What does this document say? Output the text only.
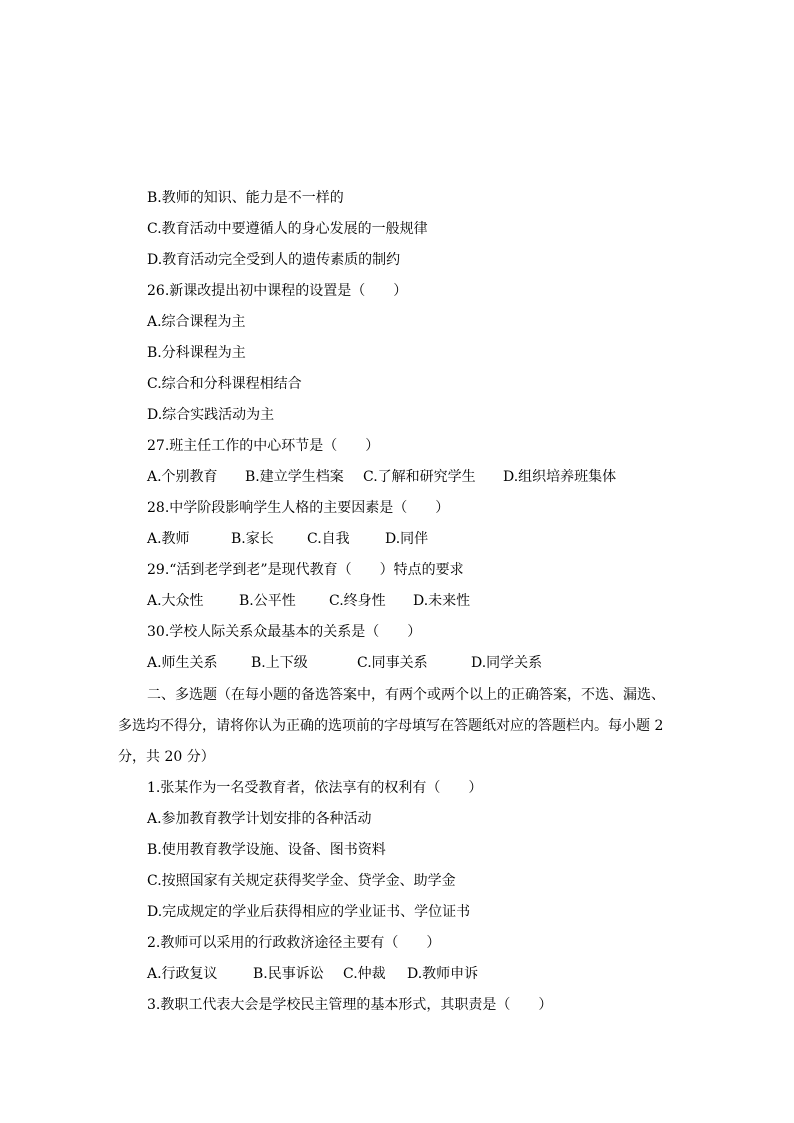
B.教师的知识、能力是不一样的
C.教育活动中要遵循人的身心发展的一般规律
D.教育活动完全受到人的遗传素质的制约
26.新课改提出初中课程的设置是（　　）
A.综合课程为主
B.分科课程为主
C.综合和分科课程相结合
D.综合实践活动为主
27.班主任工作的中心环节是（　　）
A.个别教育 B.建立学生档案 C.了解和研究学生 D.组织培养班集体
28.中学阶段影响学生人格的主要因素是（　　）
A.教师	B.家长 C.自我	D.同伴
29.“活到老学到老”是现代教育（　　）特点的要求
A.大众性	B.公平性 C.终身性 D.未来性
30.学校人际关系众最基本的关系是（　　）
A.师生关系 B.上下级	C.同事关系	D.同学关系
二、多选题（在每小题的备选答案中，有两个或两个以上的正确答案，不选、漏选、
多选均不得分，请将你认为正确的选项前的字母填写在答题纸对应的答题栏内。每小题 2
分，共 20 分）
1.张某作为一名受教育者，依法享有的权利有（　　）
A.参加教育教学计划安排的各种活动
B.使用教育教学设施、设备、图书资料
C.按照国家有关规定获得奖学金、贷学金、助学金
D.完成规定的学业后获得相应的学业证书、学位证书
2.教师可以采用的行政救济途径主要有（　　）
A.行政复议	B.民事诉讼 C.仲裁 D.教师申诉
3.教职工代表大会是学校民主管理的基本形式，其职责是（　　）
